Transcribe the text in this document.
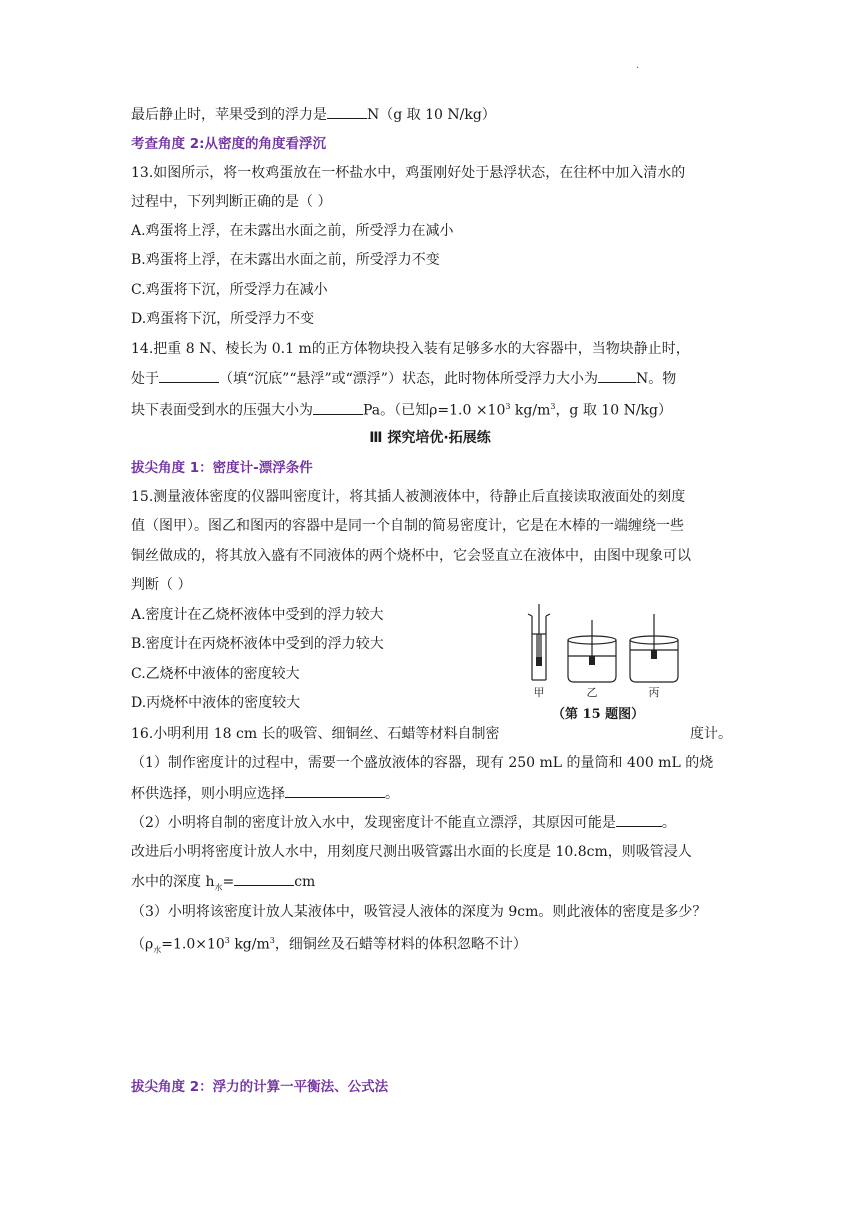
.
最后静止时，苹果受到的浮力是	N（g 取 10 N/kg）
考查角度 2:从密度的角度看浮沉
13.如图所示，将一枚鸡蛋放在一杯盐水中，鸡蛋刚好处于悬浮状态，在往杯中加入清水的
过程中，下列判断正确的是（ ）
A.鸡蛋将上浮，在未露出水面之前，所受浮力在减小
B.鸡蛋将上浮，在未露出水面之前，所受浮力不变
C.鸡蛋将下沉，所受浮力在减小
D.鸡蛋将下沉，所受浮力不变
14.把重 8 N、棱长为 0.1 m的正方体物块投入装有足够多水的大容器中，当物块静止时，
处于	（填“沉底”“悬浮”或“漂浮”）状态，此时物体所受浮力大小为	N。物
块下表面受到水的压强大小为	Pa。（已知$\rho=1.0 \times 10^3$ $kg/m^3$，g 取 10 N/kg）
Ⅲ 探究培优·拓展练
拔尖角度 1：密度计-漂浮条件
15.测量液体密度的仪器叫密度计，将其插人被测液体中，待静止后直接读取液面处的刻度
值（图甲）。图乙和图丙的容器中是同一个自制的简易密度计，它是在木棒的一端缠绕一些
铜丝做成的，将其放入盛有不同液体的两个烧杯中，它会竖直立在液体中，由图中现象可以
判断（ ）
A.密度计在乙烧杯液体中受到的浮力较大
B.密度计在丙烧杯液体中受到的浮力较大
C.乙烧杯中液体的密度较大
D.丙烧杯中液体的密度较大
甲	乙	丙
（第 15 题图）
16.小明利用 18 cm 长的吸管、细铜丝、石蜡等材料自制密	度计。
（1）制作密度计的过程中，需要一个盛放液体的容器，现有 250 mL 的量筒和 400 mL 的烧
杯供选择，则小明应选择	。
（2）小明将自制的密度计放入水中，发现密度计不能直立漂浮，其原因可能是	。
改进后小明将密度计放人水中，用刻度尺测出吸管露出水面的长度是 10.8cm，则吸管浸人
水中的深度 $h_水=$	cm
（3）小明将该密度计放人某液体中，吸管浸人液体的深度为 9cm。则此液体的密度是多少？
（$\rho_水=1.0\times 10^3$ $kg/m^3$，细铜丝及石蜡等材料的体积忽略不计）
拔尖角度 2：浮力的计算一平衡法、公式法
